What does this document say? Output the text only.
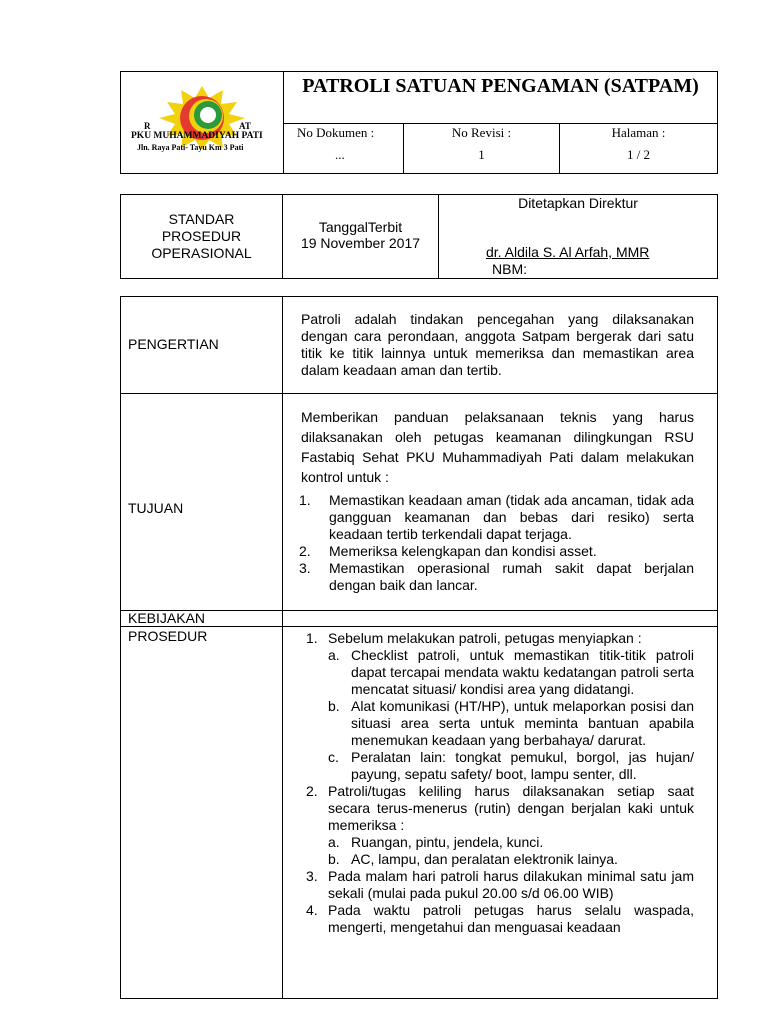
R	AT
PKU MUHAMMADIYAH PATI
Jln. Raya Pati- Tayu Km 3 Pati
PATROLI SATUAN PENGAMAN (SATPAM)
No Dokumen :
...
No Revisi :
1
Halaman :
1 / 2
STANDAR
PROSEDUR
OPERASIONAL
TanggalTerbit
19 November 2017
Ditetapkan Direktur
dr. Aldila S. Al Arfah, MMR
NBM:
PENGERTIAN
Patroli adalah tindakan pencegahan yang dilaksanakan dengan cara perondaan, anggota Satpam bergerak dari satu titik ke titik lainnya untuk memeriksa dan memastikan area dalam keadaan aman dan tertib.
TUJUAN
Memberikan panduan pelaksanaan teknis yang harus dilaksanakan oleh petugas keamanan dilingkungan RSU Fastabiq Sehat PKU Muhammadiyah Pati dalam melakukan kontrol untuk :
1. Memastikan keadaan aman (tidak ada ancaman, tidak ada gangguan keamanan dan bebas dari resiko) serta keadaan tertib terkendali dapat terjaga.
2. Memeriksa kelengkapan dan kondisi asset.
3. Memastikan operasional rumah sakit dapat berjalan dengan baik dan lancar.
KEBIJAKAN
PROSEDUR	1. Sebelum melakukan patroli, petugas menyiapkan :
a. Checklist patroli, untuk memastikan titik-titik patroli dapat tercapai mendata waktu kedatangan patroli serta mencatat situasi/ kondisi area yang didatangi.
b. Alat komunikasi (HT/HP), untuk melaporkan posisi dan situasi area serta untuk meminta bantuan apabila menemukan keadaan yang berbahaya/ darurat.
c. Peralatan lain: tongkat pemukul, borgol, jas hujan/ payung, sepatu safety/ boot, lampu senter, dll.
2. Patroli/tugas keliling harus dilaksanakan setiap saat secara terus-menerus (rutin) dengan berjalan kaki untuk memeriksa :
a. Ruangan, pintu, jendela, kunci.
b. AC, lampu, dan peralatan elektronik lainya.
3. Pada malam hari patroli harus dilakukan minimal satu jam sekali (mulai pada pukul 20.00 s/d 06.00 WIB)
4. Pada waktu patroli petugas harus selalu waspada, mengerti, mengetahui dan menguasai keadaan
